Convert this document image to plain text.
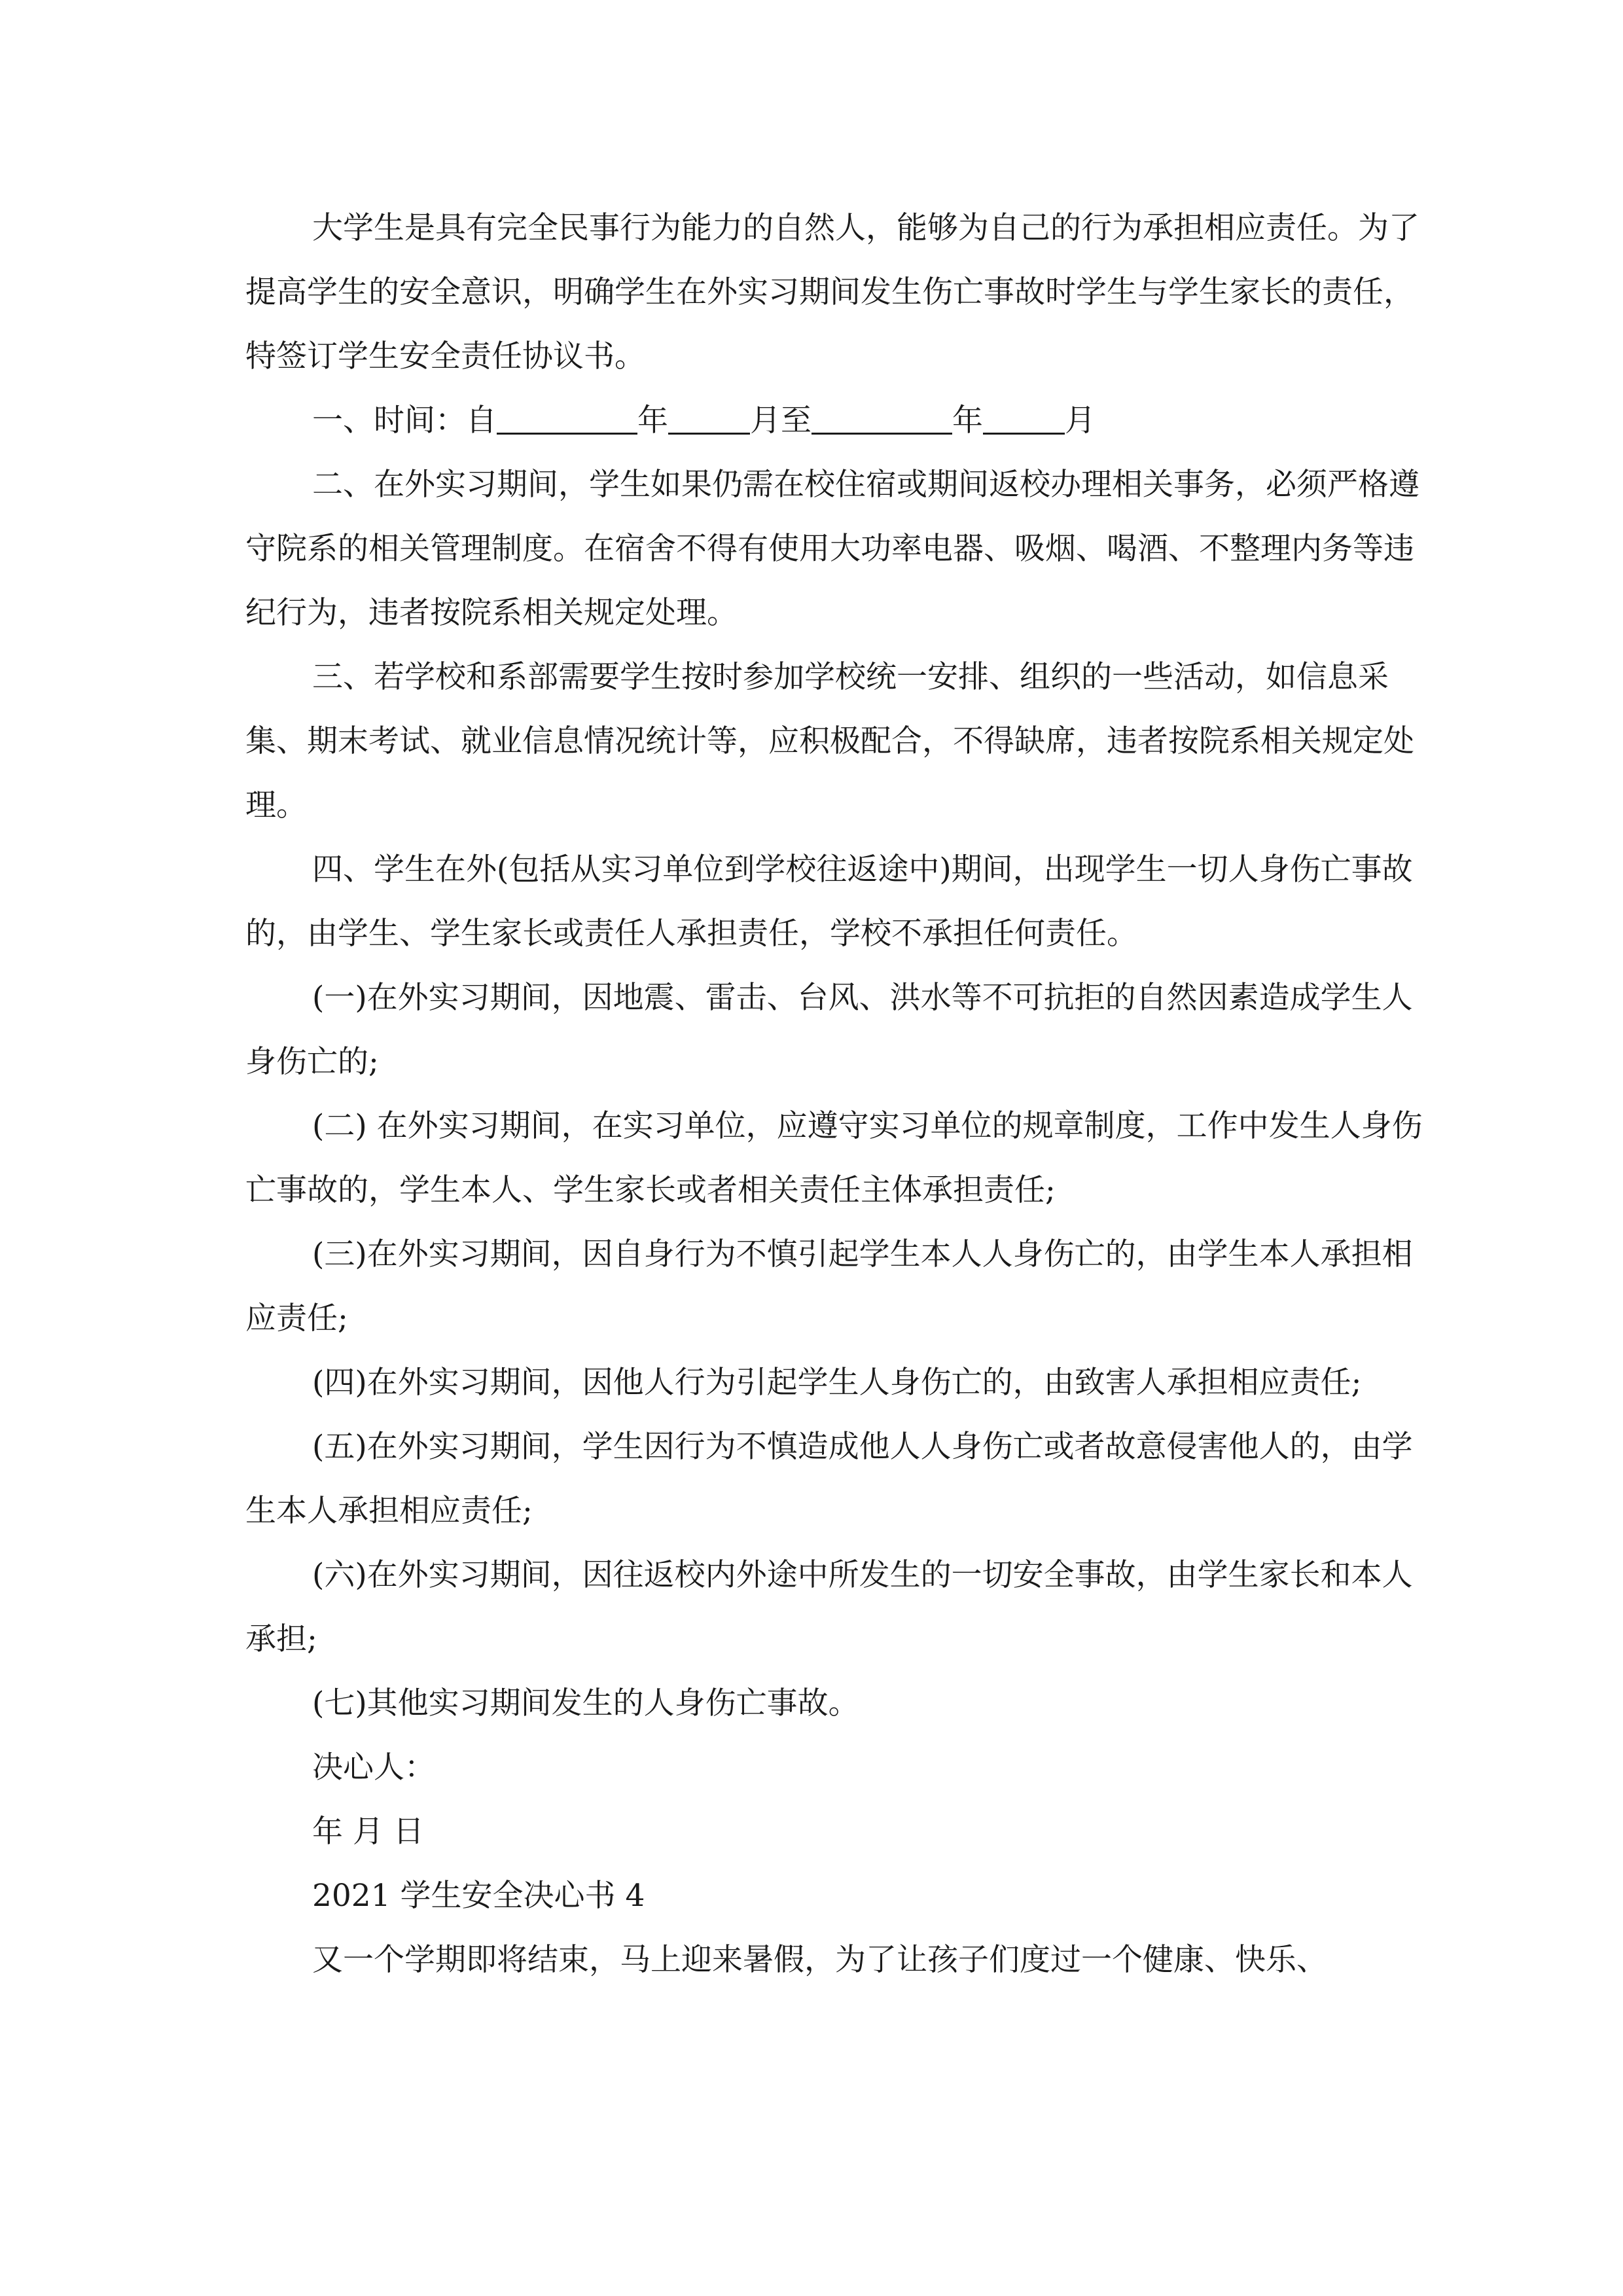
大学生是具有完全民事行为能力的自然人，能够为自己的行为承担相应责任。为了提高学生的安全意识，明确学生在外实习期间发生伤亡事故时学生与学生家长的责任，特签订学生安全责任协议书。

一、时间：自	年	月至	年	月

二、在外实习期间，学生如果仍需在校住宿或期间返校办理相关事务，必须严格遵守院系的相关管理制度。在宿舍不得有使用大功率电器、吸烟、喝酒、不整理内务等违纪行为，违者按院系相关规定处理。

三、若学校和系部需要学生按时参加学校统一安排、组织的一些活动，如信息采集、期末考试、就业信息情况统计等，应积极配合，不得缺席，违者按院系相关规定处理。

四、学生在外(包括从实习单位到学校往返途中)期间，出现学生一切人身伤亡事故的，由学生、学生家长或责任人承担责任，学校不承担任何责任。

(一)在外实习期间，因地震、雷击、台风、洪水等不可抗拒的自然因素造成学生人身伤亡的;

(二) 在外实习期间，在实习单位，应遵守实习单位的规章制度，工作中发生人身伤亡事故的，学生本人、学生家长或者相关责任主体承担责任;

(三)在外实习期间，因自身行为不慎引起学生本人人身伤亡的，由学生本人承担相应责任;

(四)在外实习期间，因他人行为引起学生人身伤亡的，由致害人承担相应责任;

(五)在外实习期间，学生因行为不慎造成他人人身伤亡或者故意侵害他人的，由学生本人承担相应责任;

(六)在外实习期间，因往返校内外途中所发生的一切安全事故，由学生家长和本人承担;

(七)其他实习期间发生的人身伤亡事故。

决心人：

年 月 日

2021 学生安全决心书 4

又一个学期即将结束，马上迎来暑假，为了让孩子们度过一个健康、快乐、
